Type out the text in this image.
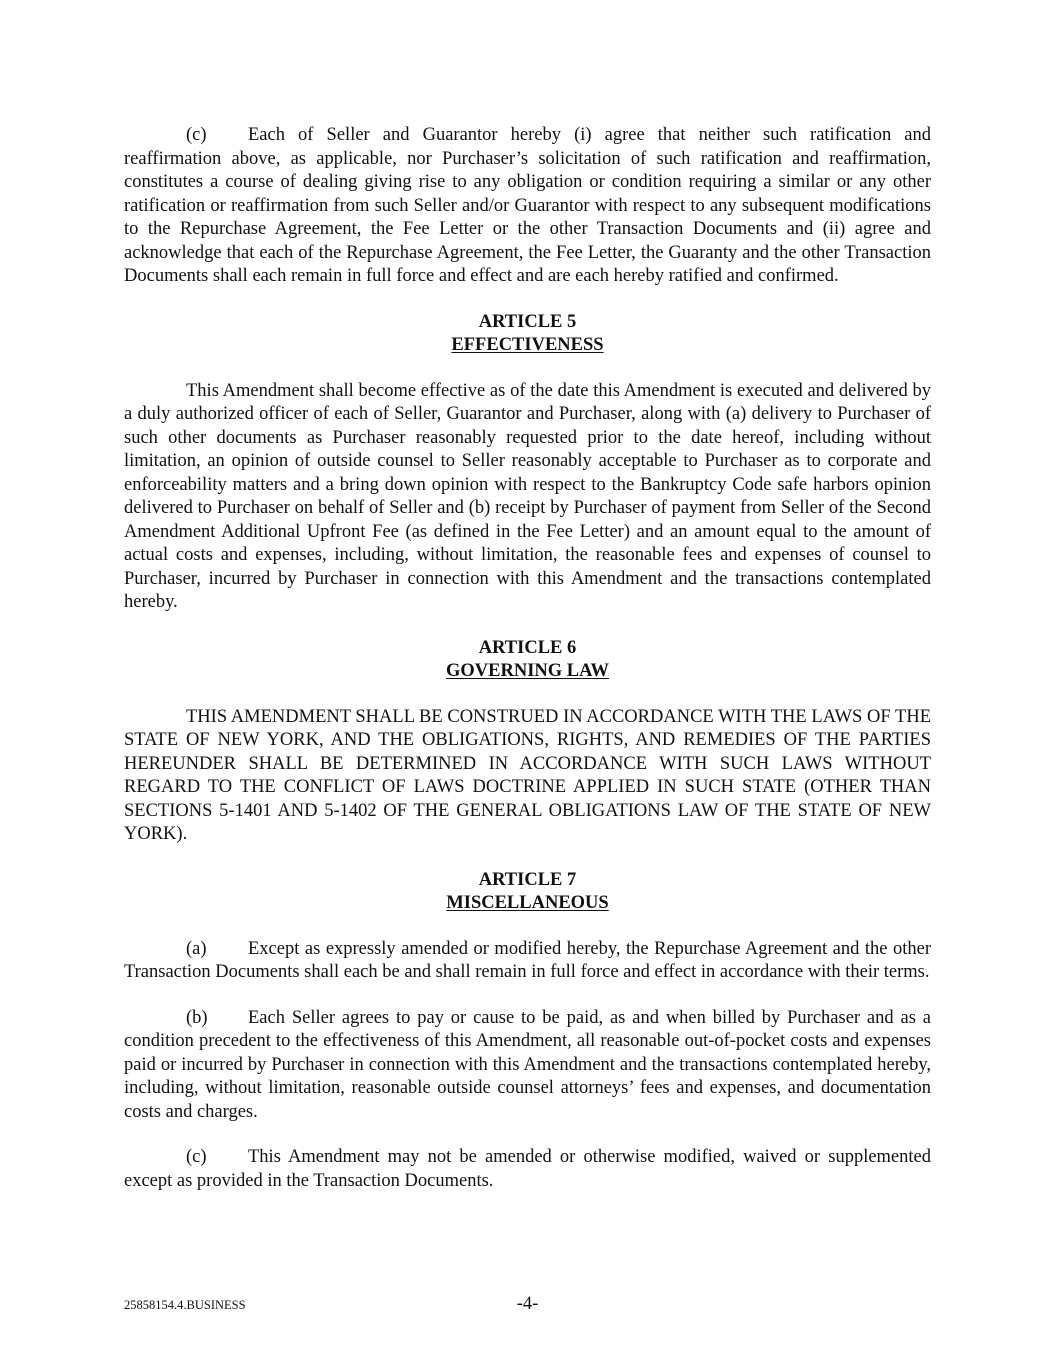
(c) Each of Seller and Guarantor hereby (i) agree that neither such ratification and reaffirmation above, as applicable, nor Purchaser’s solicitation of such ratification and reaffirmation, constitutes a course of dealing giving rise to any obligation or condition requiring a similar or any other ratification or reaffirmation from such Seller and/or Guarantor with respect to any subsequent modifications to the Repurchase Agreement, the Fee Letter or the other Transaction Documents and (ii) agree and acknowledge that each of the Repurchase Agreement, the Fee Letter, the Guaranty and the other Transaction Documents shall each remain in full force and effect and are each hereby ratified and confirmed.

ARTICLE 5

EFFECTIVENESS

This Amendment shall become effective as of the date this Amendment is executed and delivered by a duly authorized officer of each of Seller, Guarantor and Purchaser, along with (a) delivery to Purchaser of such other documents as Purchaser reasonably requested prior to the date hereof, including without limitation, an opinion of outside counsel to Seller reasonably acceptable to Purchaser as to corporate and enforceability matters and a bring down opinion with respect to the Bankruptcy Code safe harbors opinion delivered to Purchaser on behalf of Seller and (b) receipt by Purchaser of payment from Seller of the Second Amendment Additional Upfront Fee (as defined in the Fee Letter) and an amount equal to the amount of actual costs and expenses, including, without limitation, the reasonable fees and expenses of counsel to Purchaser, incurred by Purchaser in connection with this Amendment and the transactions contemplated hereby.

ARTICLE 6

GOVERNING LAW

THIS AMENDMENT SHALL BE CONSTRUED IN ACCORDANCE WITH THE LAWS OF THE STATE OF NEW YORK, AND THE OBLIGATIONS, RIGHTS, AND REMEDIES OF THE PARTIES HEREUNDER SHALL BE DETERMINED IN ACCORDANCE WITH SUCH LAWS WITHOUT REGARD TO THE CONFLICT OF LAWS DOCTRINE APPLIED IN SUCH STATE (OTHER THAN SECTIONS 5-1401 AND 5-1402 OF THE GENERAL OBLIGATIONS LAW OF THE STATE OF NEW YORK).

ARTICLE 7

MISCELLANEOUS

(a) Except as expressly amended or modified hereby, the Repurchase Agreement and the other Transaction Documents shall each be and shall remain in full force and effect in accordance with their terms.

(b) Each Seller agrees to pay or cause to be paid, as and when billed by Purchaser and as a condition precedent to the effectiveness of this Amendment, all reasonable out-of-pocket costs and expenses paid or incurred by Purchaser in connection with this Amendment and the transactions contemplated hereby, including, without limitation, reasonable outside counsel attorneys’ fees and expenses, and documentation costs and charges.

(c) This Amendment may not be amended or otherwise modified, waived or supplemented except as provided in the Transaction Documents.

25858154.4.BUSINESS	-4-
